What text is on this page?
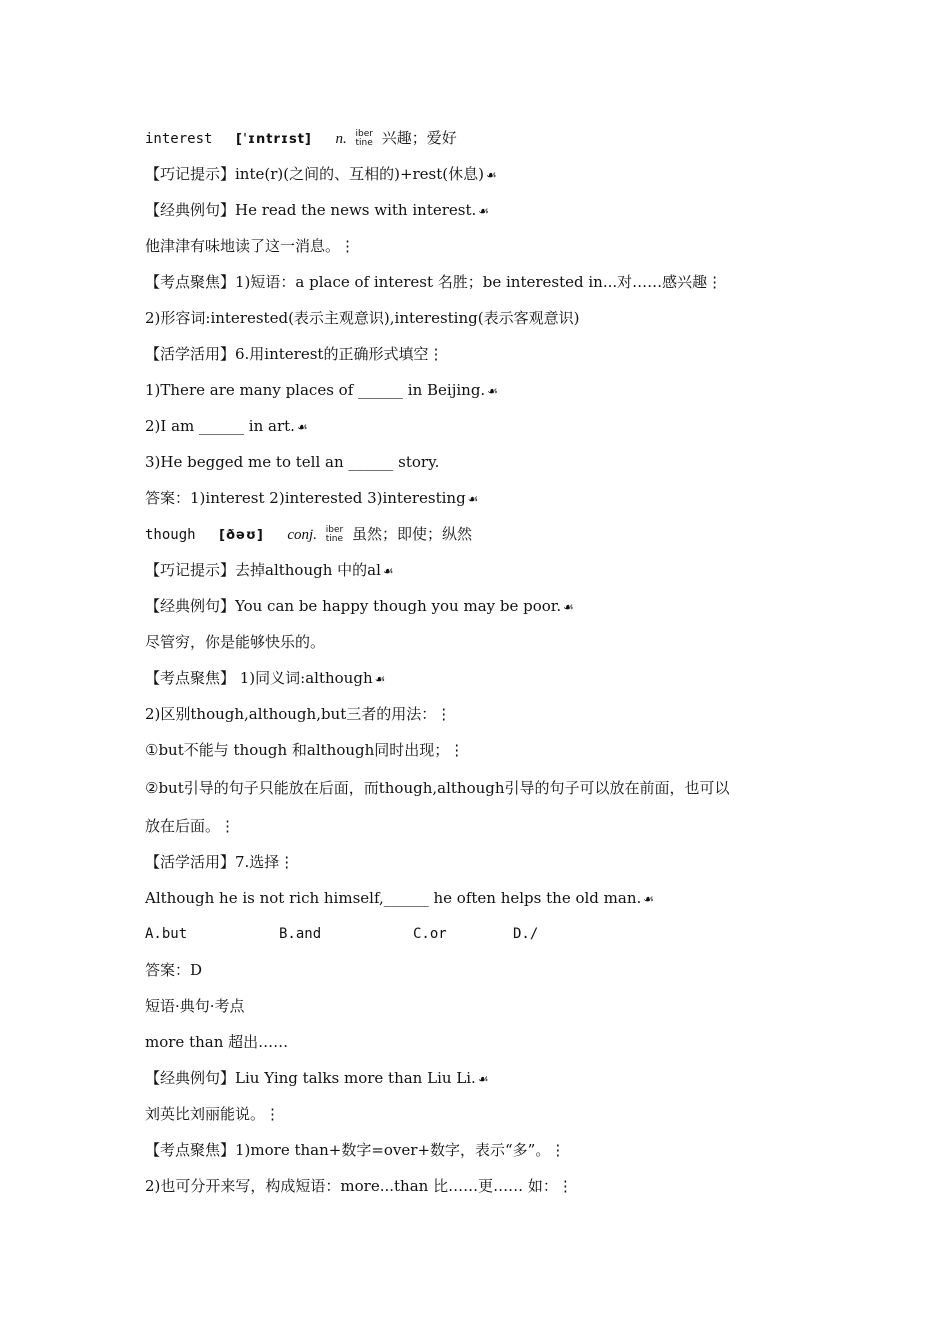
interest [ˈɪntrɪst] n. iber
tine 兴趣；爱好
【巧记提示】inte(r)(之间的、互相的)+rest(休息) ☙
【经典例句】He read the news with interest. ☙
他津津有味地读了这一消息。⋮
【考点聚焦】1)短语：a place of interest 名胜；be interested in...对……感兴趣⋮
2)形容词:interested(表示主观意识),interesting(表示客观意识)
【活学活用】6.用interest的正确形式填空⋮
1)There are many places of ______ in Beijing. ☙
2)I am ______ in art. ☙
3)He begged me to tell an ______ story.
答案：1)interest 2)interested 3)interesting ☙
though [ðəʊ] conj. iber
tine 虽然；即使；纵然
【巧记提示】去掉although 中的al ☙
【经典例句】You can be happy though you may be poor. ☙
尽管穷，你是能够快乐的。
【考点聚焦】 1)同义词:although ☙
2)区别though,although,but三者的用法：⋮
①but不能与 though 和although同时出现；⋮
②but引导的句子只能放在后面，而though,although引导的句子可以放在前面，也可以
放在后面。⋮
【活学活用】7.选择⋮
Although he is not rich himself,______ he often helps the old man. ☙
A.but	B.and	C.or	D./
答案：D
短语·典句·考点
more than 超出……
【经典例句】Liu Ying talks more than Liu Li. ☙
刘英比刘丽能说。⋮
【考点聚焦】1)more than+数字=over+数字，表示“多”。⋮
2)也可分开来写，构成短语：more...than 比……更…… 如：⋮
